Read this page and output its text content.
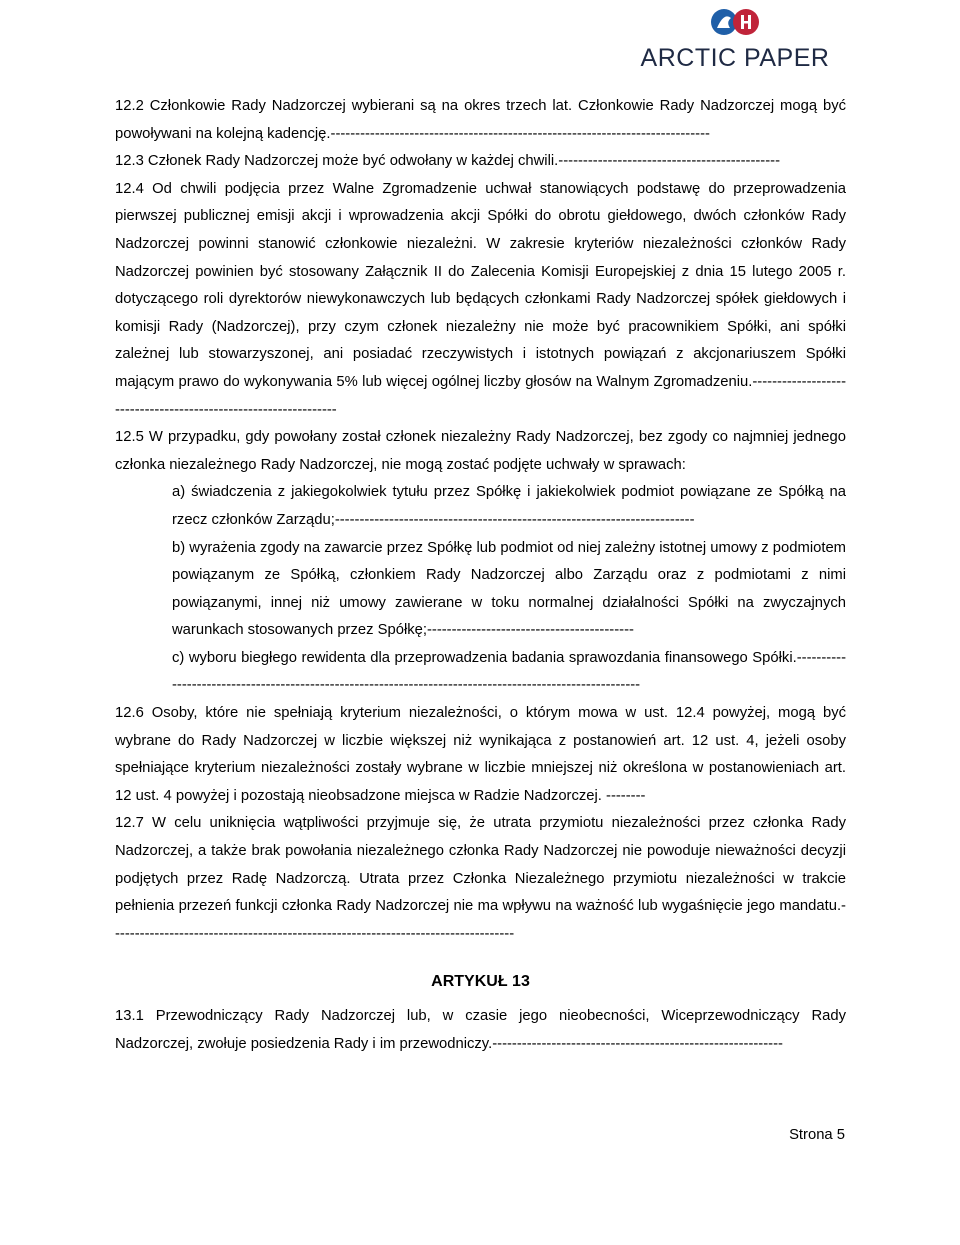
ARCTIC PAPER

12.2 Członkowie Rady Nadzorczej wybierani są na okres trzech lat. Członkowie Rady Nadzorczej mogą być powoływani na kolejną kadencję.-----------------------------------------------------------------------------

12.3 Członek Rady Nadzorczej może być odwołany w każdej chwili.---------------------------------------------

12.4 Od chwili podjęcia przez Walne Zgromadzenie uchwał stanowiących podstawę do przeprowadzenia pierwszej publicznej emisji akcji i wprowadzenia akcji Spółki do obrotu giełdowego, dwóch członków Rady Nadzorczej powinni stanowić członkowie niezależni. W zakresie kryteriów niezależności członków Rady Nadzorczej powinien być stosowany Załącznik II do Zalecenia Komisji Europejskiej z dnia 15 lutego 2005 r. dotyczącego roli dyrektorów niewykonawczych lub będących członkami Rady Nadzorczej spółek giełdowych i komisji Rady (Nadzorczej), przy czym członek niezależny nie może być pracownikiem Spółki, ani spółki zależnej lub stowarzyszonej, ani posiadać rzeczywistych i istotnych powiązań z akcjonariuszem Spółki mającym prawo do wykonywania 5% lub więcej ogólnej liczby głosów na Walnym Zgromadzeniu.----------------------------------------------------------------

12.5 W przypadku, gdy powołany został członek niezależny Rady Nadzorczej, bez zgody co najmniej jednego członka niezależnego Rady Nadzorczej, nie mogą zostać podjęte uchwały w sprawach:

a) świadczenia z jakiegokolwiek tytułu przez Spółkę i jakiekolwiek podmiot powiązane ze Spółką na rzecz członków Zarządu;-------------------------------------------------------------------------

b) wyrażenia zgody na zawarcie przez Spółkę lub podmiot od niej zależny istotnej umowy z podmiotem powiązanym ze Spółką, członkiem Rady Nadzorczej albo Zarządu oraz z podmiotami z nimi powiązanymi, innej niż umowy zawierane w toku normalnej działalności Spółki na zwyczajnych warunkach stosowanych przez Spółkę;------------------------------------------

c) wyboru biegłego rewidenta dla przeprowadzenia badania sprawozdania finansowego Spółki.---------------------------------------------------------------------------------------------------------

12.6 Osoby, które nie spełniają kryterium niezależności, o którym mowa w ust. 12.4 powyżej, mogą być wybrane do Rady Nadzorczej w liczbie większej niż wynikająca z postanowień art. 12 ust. 4, jeżeli osoby spełniające kryterium niezależności zostały wybrane w liczbie mniejszej niż określona w postanowieniach art. 12 ust. 4 powyżej i pozostają nieobsadzone miejsca w Radzie Nadzorczej. --------

12.7 W celu uniknięcia wątpliwości przyjmuje się, że utrata przymiotu niezależności przez członka Rady Nadzorczej, a także brak powołania niezależnego członka Rady Nadzorczej nie powoduje nieważności decyzji podjętych przez Radę Nadzorczą. Utrata przez Członka Niezależnego przymiotu niezależności w trakcie pełnienia przezeń funkcji członka Rady Nadzorczej nie ma wpływu na ważność lub wygaśnięcie jego mandatu.----------------------------------------------------------------------------------

ARTYKUŁ 13

13.1 Przewodniczący Rady Nadzorczej lub, w czasie jego nieobecności, Wiceprzewodniczący Rady Nadzorczej, zwołuje posiedzenia Rady i im przewodniczy.-----------------------------------------------------------

Strona 5
